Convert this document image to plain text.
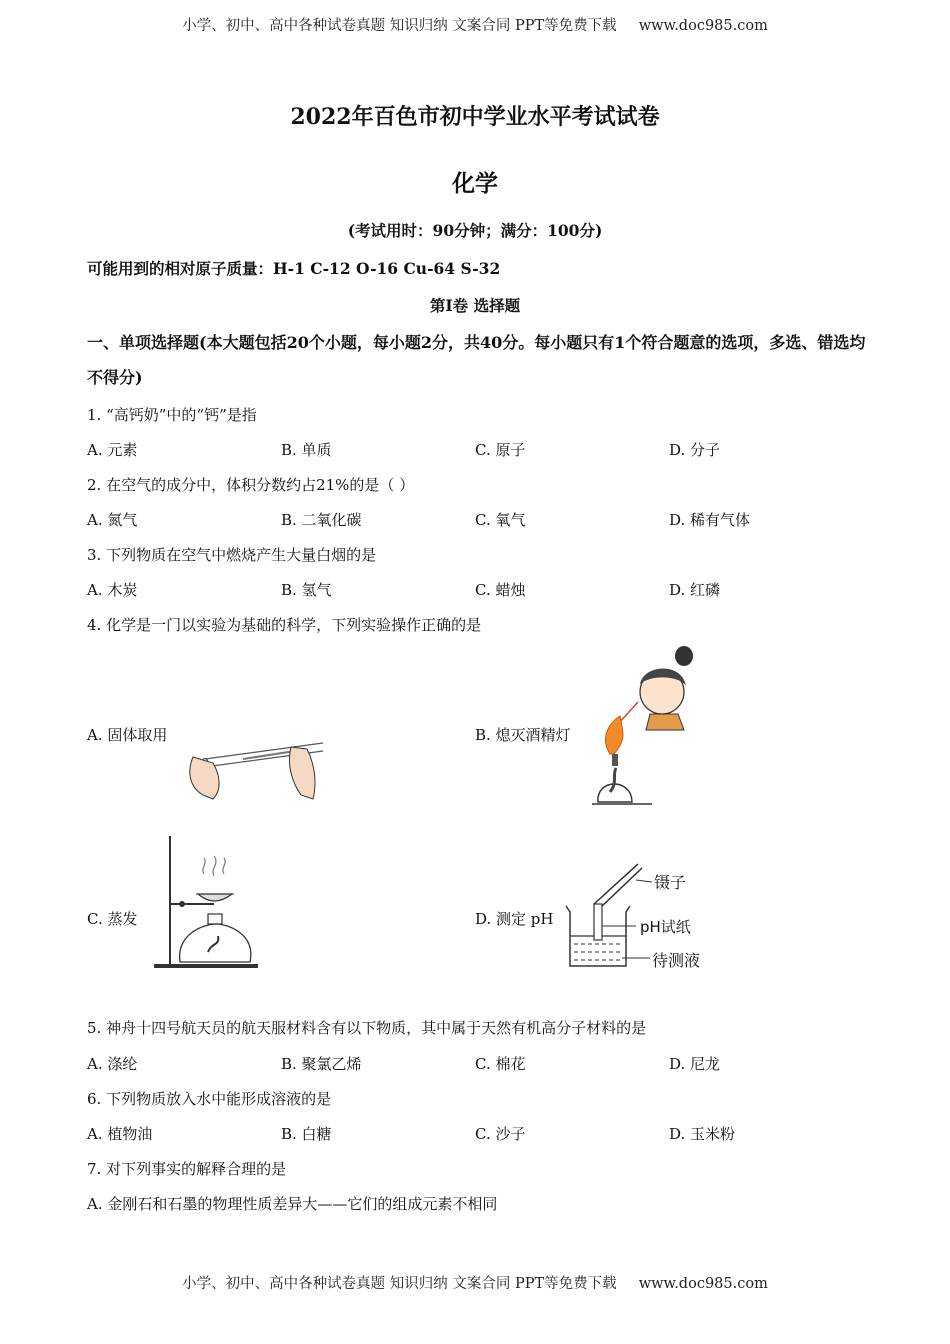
小学、初中、高中各种试卷真题 知识归纳 文案合同 PPT等免费下载 www.doc985.com
2022年百色市初中学业水平考试试卷
化学
(考试用时：90分钟；满分：100分)
可能用到的相对原子质量：H-1 C-12 O-16 Cu-64 S-32
第Ⅰ卷 选择题
一、单项选择题(本大题包括20个小题，每小题2分，共40分。每小题只有1个符合题意的选项，多选、错选均不得分)
1. “高钙奶”中的“钙”是指
A. 元素	B. 单质	C. 原子	D. 分子
2. 在空气的成分中，体积分数约占21%的是（ ）
A. 氮气	B. 二氧化碳	C. 氧气	D. 稀有气体
3. 下列物质在空气中燃烧产生大量白烟的是
A. 木炭	B. 氢气	C. 蜡烛	D. 红磷
4. 化学是一门以实验为基础的科学，下列实验操作正确的是
A. 固体取用	B. 熄灭酒精灯
C. 蒸发	D. 测定 pH
镊子
pH试纸
待测液
5. 神舟十四号航天员的航天服材料含有以下物质，其中属于天然有机高分子材料的是
A. 涤纶	B. 聚氯乙烯	C. 棉花	D. 尼龙
6. 下列物质放入水中能形成溶液的是
A. 植物油	B. 白糖	C. 沙子	D. 玉米粉
7. 对下列事实的解释合理的是
A. 金刚石和石墨的物理性质差异大——它们的组成元素不相同
小学、初中、高中各种试卷真题 知识归纳 文案合同 PPT等免费下载 www.doc985.com
